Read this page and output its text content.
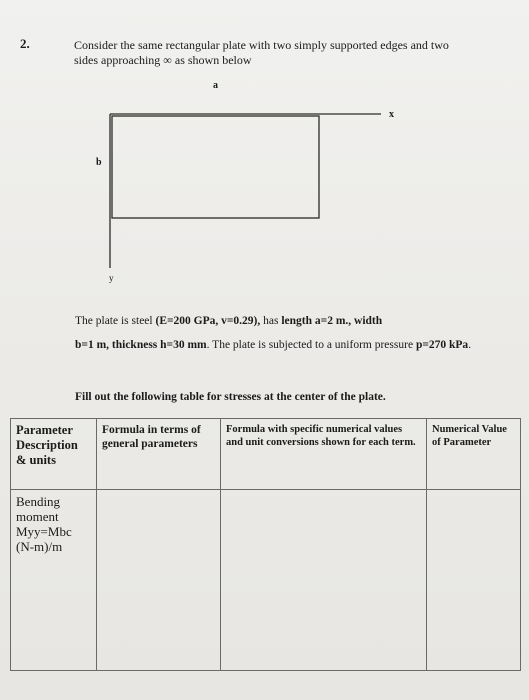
2.	Consider the same rectangular plate with two simply supported edges and two sides approaching ∞ as shown below
a
b
x
y
The plate is steel (E=200 GPa, v=0.29), has length a=2 m., width
b=1 m, thickness h=30 mm. The plate is subjected to a uniform pressure p=270 kPa.
Fill out the following table for stresses at the center of the plate.
Parameter Description & units	Formula in terms of general parameters	Formula with specific numerical values and unit conversions shown for each term.	Numerical Value of Parameter

Bending
moment
Myy=Mbc
(N-m)/m			
